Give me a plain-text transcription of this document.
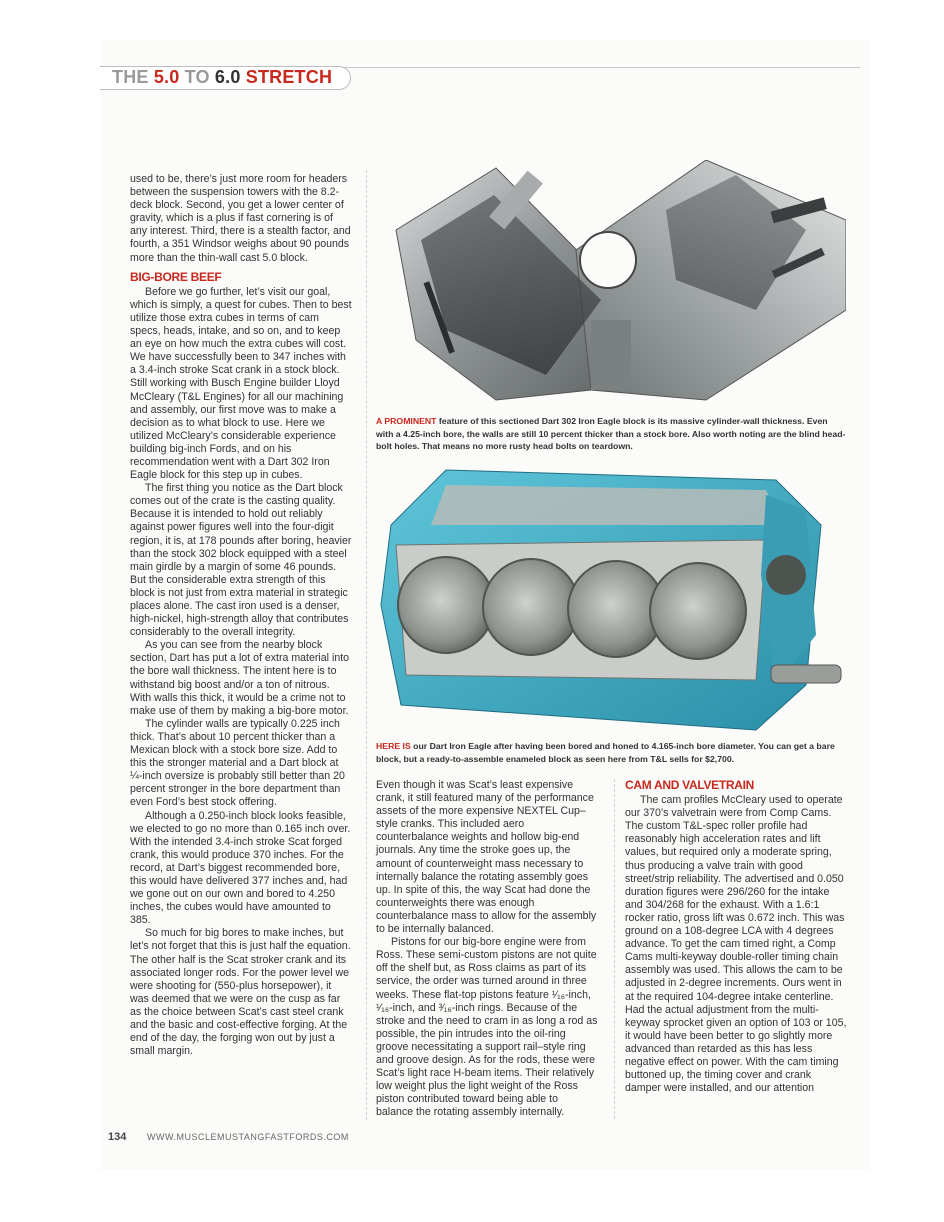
THE 5.0 TO 6.0 STRETCH

used to be, there’s just more room for headers between the suspension towers with the 8.2-deck block. Second, you get a lower center of gravity, which is a plus if fast cornering is of any interest. Third, there is a stealth factor, and fourth, a 351 Windsor weighs about 90 pounds more than the thin-wall cast 5.0 block.

BIG-BORE BEEF

Before we go further, let’s visit our goal, which is simply, a quest for cubes. Then to best utilize those extra cubes in terms of cam specs, heads, intake, and so on, and to keep an eye on how much the extra cubes will cost. We have successfully been to 347 inches with a 3.4-inch stroke Scat crank in a stock block. Still working with Busch Engine builder Lloyd McCleary (T&L Engines) for all our machining and assembly, our first move was to make a decision as to what block to use. Here we utilized McCleary’s considerable experience building big-inch Fords, and on his recommendation went with a Dart 302 Iron Eagle block for this step up in cubes.

The first thing you notice as the Dart block comes out of the crate is the casting quality. Because it is intended to hold out reliably against power figures well into the four-digit region, it is, at 178 pounds after boring, heavier than the stock 302 block equipped with a steel main girdle by a margin of some 46 pounds. But the considerable extra strength of this block is not just from extra material in strategic places alone. The cast iron used is a denser, high-nickel, high-strength alloy that contributes considerably to the overall integrity.

As you can see from the nearby block section, Dart has put a lot of extra material into the bore wall thickness. The intent here is to withstand big boost and/or a ton of nitrous. With walls this thick, it would be a crime not to make use of them by making a big-bore motor.

The cylinder walls are typically 0.225 inch thick. That’s about 10 percent thicker than a Mexican block with a stock bore size. Add to this the stronger material and a Dart block at ¼-inch oversize is probably still better than 20 percent stronger in the bore department than even Ford’s best stock offering.

Although a 0.250-inch block looks feasible, we elected to go no more than 0.165 inch over. With the intended 3.4-inch stroke Scat forged crank, this would produce 370 inches. For the record, at Dart’s biggest recommended bore, this would have delivered 377 inches and, had we gone out on our own and bored to 4.250 inches, the cubes would have amounted to 385.

So much for big bores to make inches, but let’s not forget that this is just half the equation. The other half is the Scat stroker crank and its associated longer rods. For the power level we were shooting for (550-plus horsepower), it was deemed that we were on the cusp as far as the choice between Scat’s cast steel crank and the basic and cost-effective forging. At the end of the day, the forging won out by just a small margin.

A PROMINENT feature of this sectioned Dart 302 Iron Eagle block is its massive cylinder-wall thickness. Even with a 4.25-inch bore, the walls are still 10 percent thicker than a stock bore. Also worth noting are the blind head-bolt holes. That means no more rusty head bolts on teardown.
HERE IS our Dart Iron Eagle after having been bored and honed to 4.165-inch bore diameter. You can get a bare block, but a ready-to-assemble enameled block as seen here from T&L sells for $2,700.

Even though it was Scat’s least expensive crank, it still featured many of the performance assets of the more expensive NEXTEL Cup–style cranks. This included aero counterbalance weights and hollow big-end journals. Any time the stroke goes up, the amount of counterweight mass necessary to internally balance the rotating assembly goes up. In spite of this, the way Scat had done the counterweights there was enough counterbalance mass to allow for the assembly to be internally balanced.

Pistons for our big-bore engine were from Ross. These semi-custom pistons are not quite off the shelf but, as Ross claims as part of its service, the order was turned around in three weeks. These flat-top pistons feature ¹⁄₁₆-inch, ¹⁄₁₆-inch, and ³⁄₁₆-inch rings. Because of the stroke and the need to cram in as long a rod as possible, the pin intrudes into the oil-ring groove necessitating a support rail–style ring and groove design. As for the rods, these were Scat’s light race H-beam items. Their relatively low weight plus the light weight of the Ross piston contributed toward being able to balance the rotating assembly internally.

CAM AND VALVETRAIN

The cam profiles McCleary used to operate our 370’s valvetrain were from Comp Cams. The custom T&L-spec roller profile had reasonably high acceleration rates and lift values, but required only a moderate spring, thus producing a valve train with good street/strip reliability. The advertised and 0.050 duration figures were 296/260 for the intake and 304/268 for the exhaust. With a 1.6:1 rocker ratio, gross lift was 0.672 inch. This was ground on a 108-degree LCA with 4 degrees advance. To get the cam timed right, a Comp Cams multi-keyway double-roller timing chain assembly was used. This allows the cam to be adjusted in 2-degree increments. Ours went in at the required 104-degree intake centerline. Had the actual adjustment from the multi-keyway sprocket given an option of 103 or 105, it would have been better to go slightly more advanced than retarded as this has less negative effect on power. With the cam timing buttoned up, the timing cover and crank damper were installed, and our attention

134 WWW.MUSCLEMUSTANGFASTFORDS.COM
